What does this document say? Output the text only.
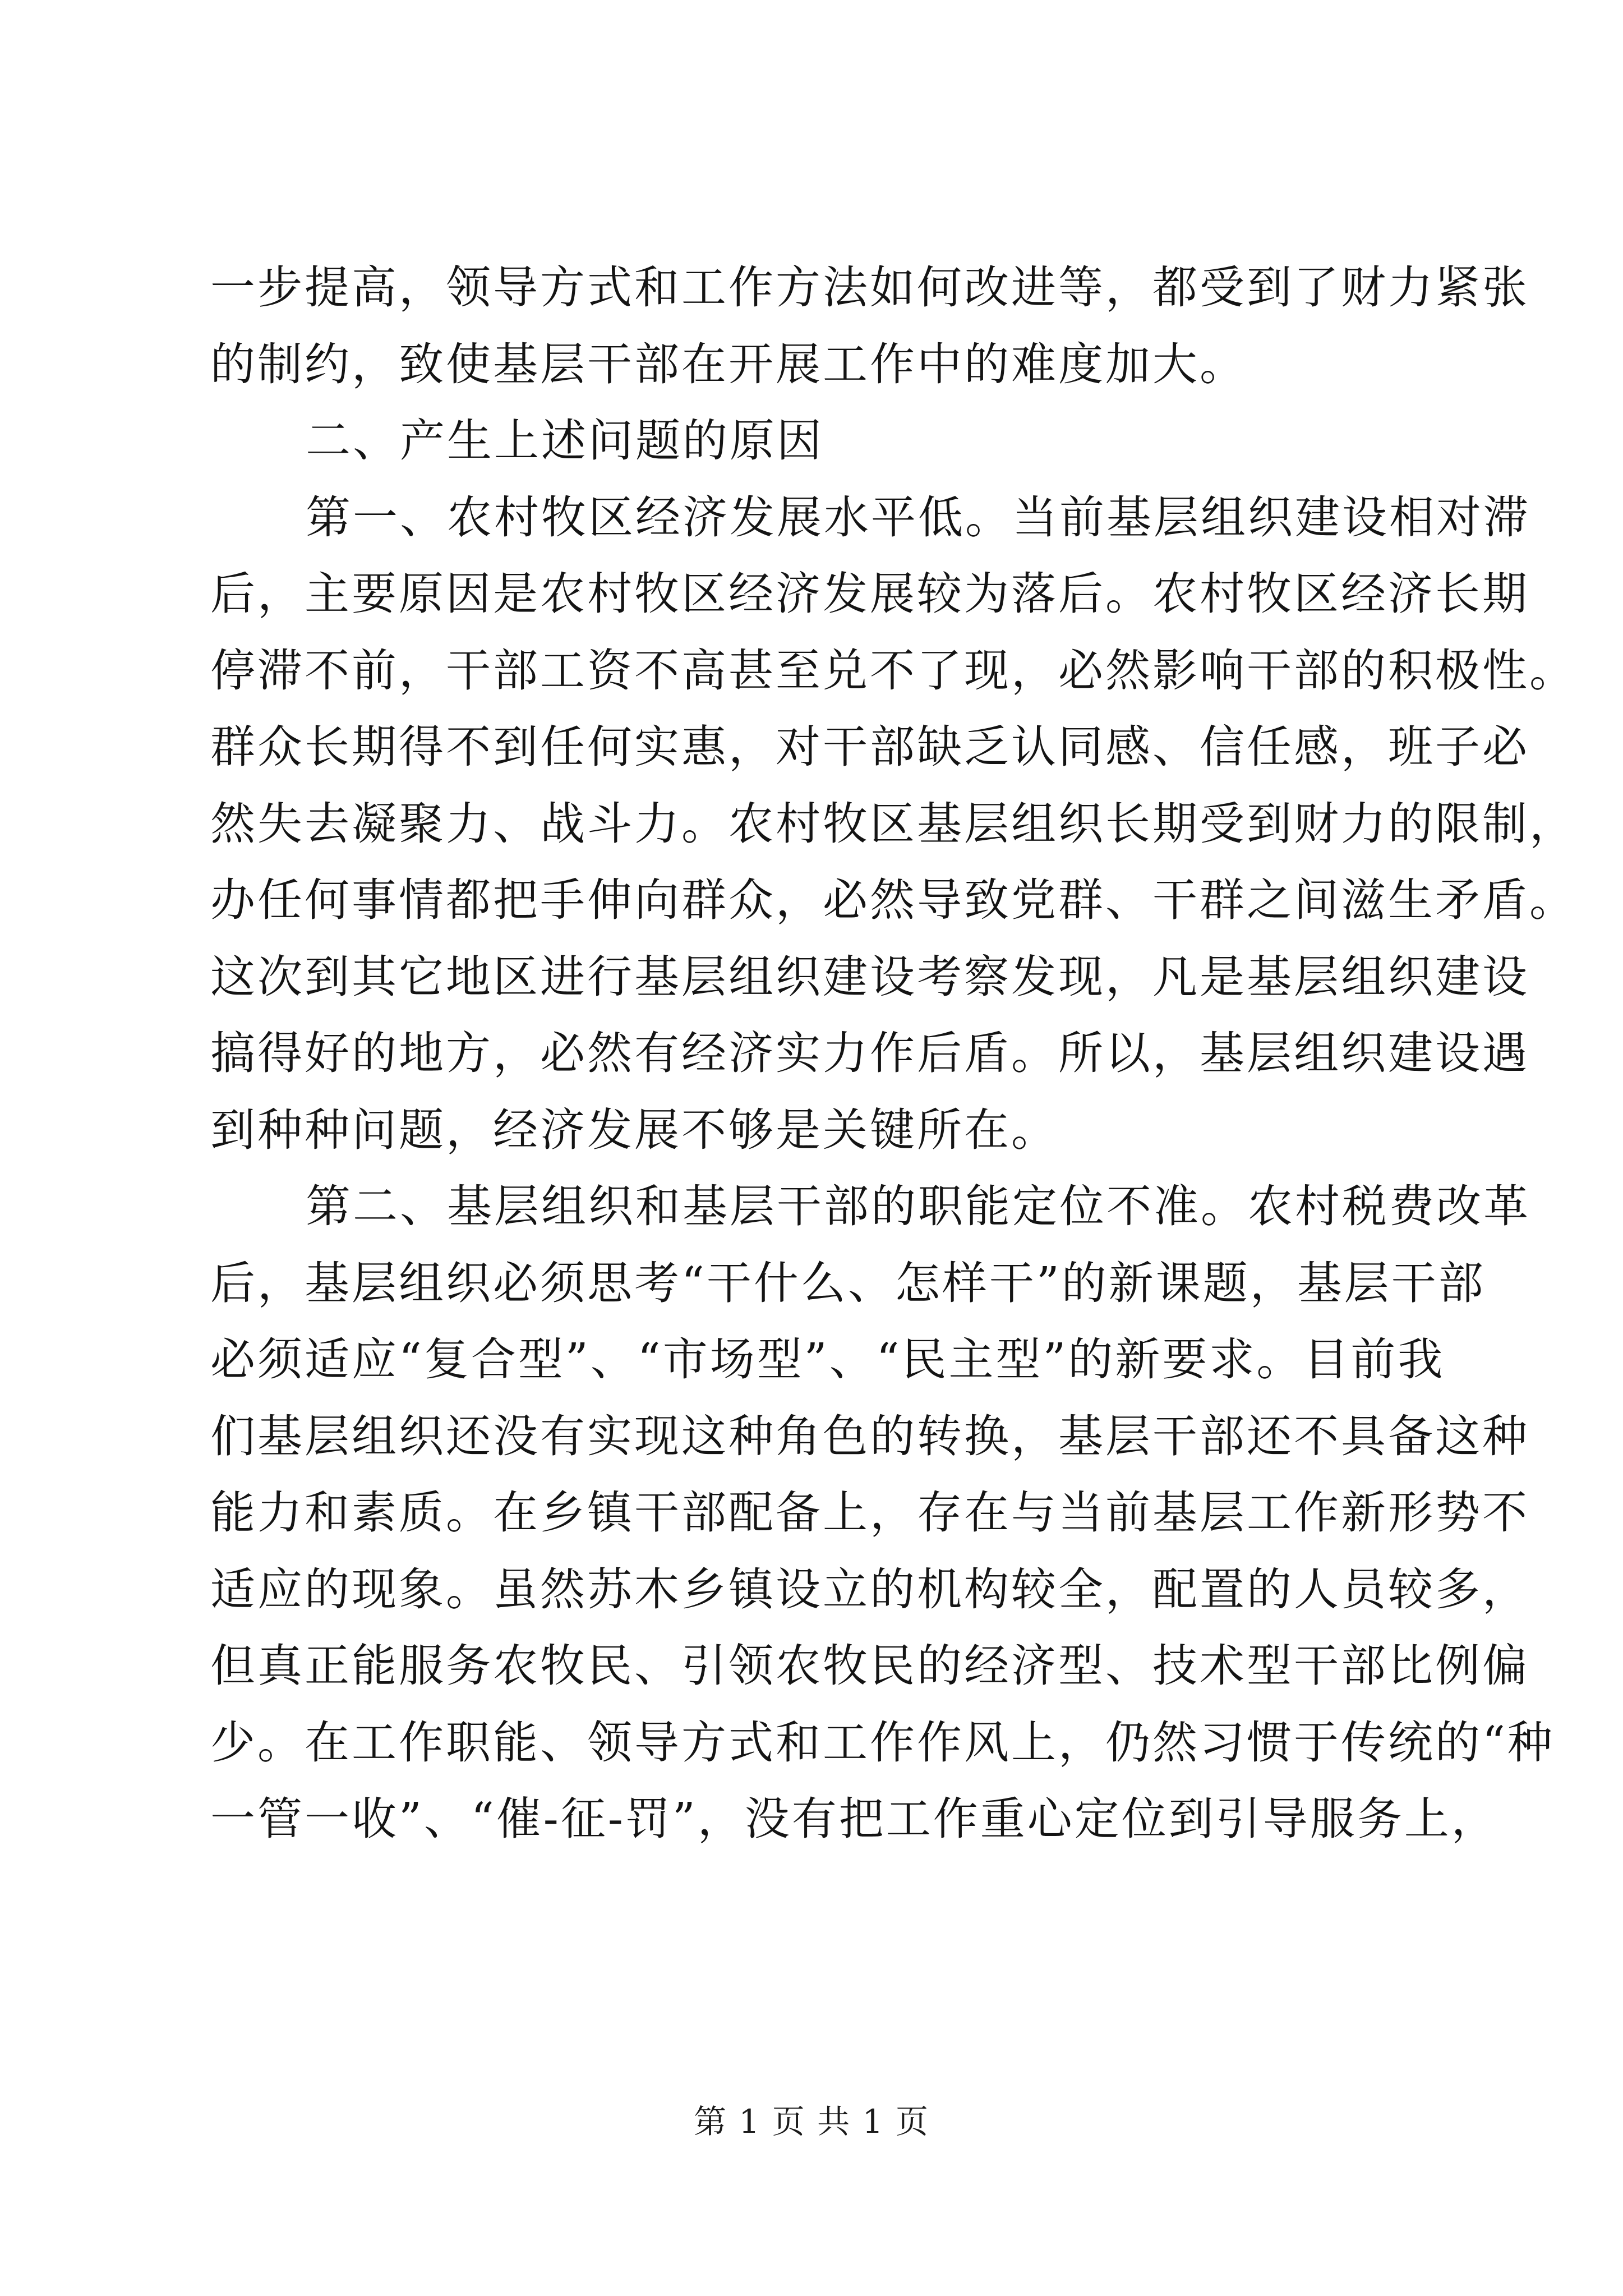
一步提高，领导方式和工作方法如何改进等，都受到了财力紧张
的制约，致使基层干部在开展工作中的难度加大。
二、产生上述问题的原因
第一、农村牧区经济发展水平低。当前基层组织建设相对滞
后，主要原因是农村牧区经济发展较为落后。农村牧区经济长期
停滞不前，干部工资不高甚至兑不了现，必然影响干部的积极性。
群众长期得不到任何实惠，对干部缺乏认同感、信任感，班子必
然失去凝聚力、战斗力。农村牧区基层组织长期受到财力的限制，
办任何事情都把手伸向群众，必然导致党群、干群之间滋生矛盾。
这次到其它地区进行基层组织建设考察发现，凡是基层组织建设
搞得好的地方，必然有经济实力作后盾。所以，基层组织建设遇
到种种问题，经济发展不够是关键所在。
第二、基层组织和基层干部的职能定位不准。农村税费改革
后，基层组织必须思考“干什么、怎样干”的新课题，基层干部
必须适应“复合型”、“市场型”、“民主型”的新要求。目前我
们基层组织还没有实现这种角色的转换，基层干部还不具备这种
能力和素质。在乡镇干部配备上，存在与当前基层工作新形势不
适应的现象。虽然苏木乡镇设立的机构较全，配置的人员较多，
但真正能服务农牧民、引领农牧民的经济型、技术型干部比例偏
少。在工作职能、领导方式和工作作风上，仍然习惯于传统的“种
一管一收”、“催-征-罚”，没有把工作重心定位到引导服务上，
第 1 页 共 1 页
